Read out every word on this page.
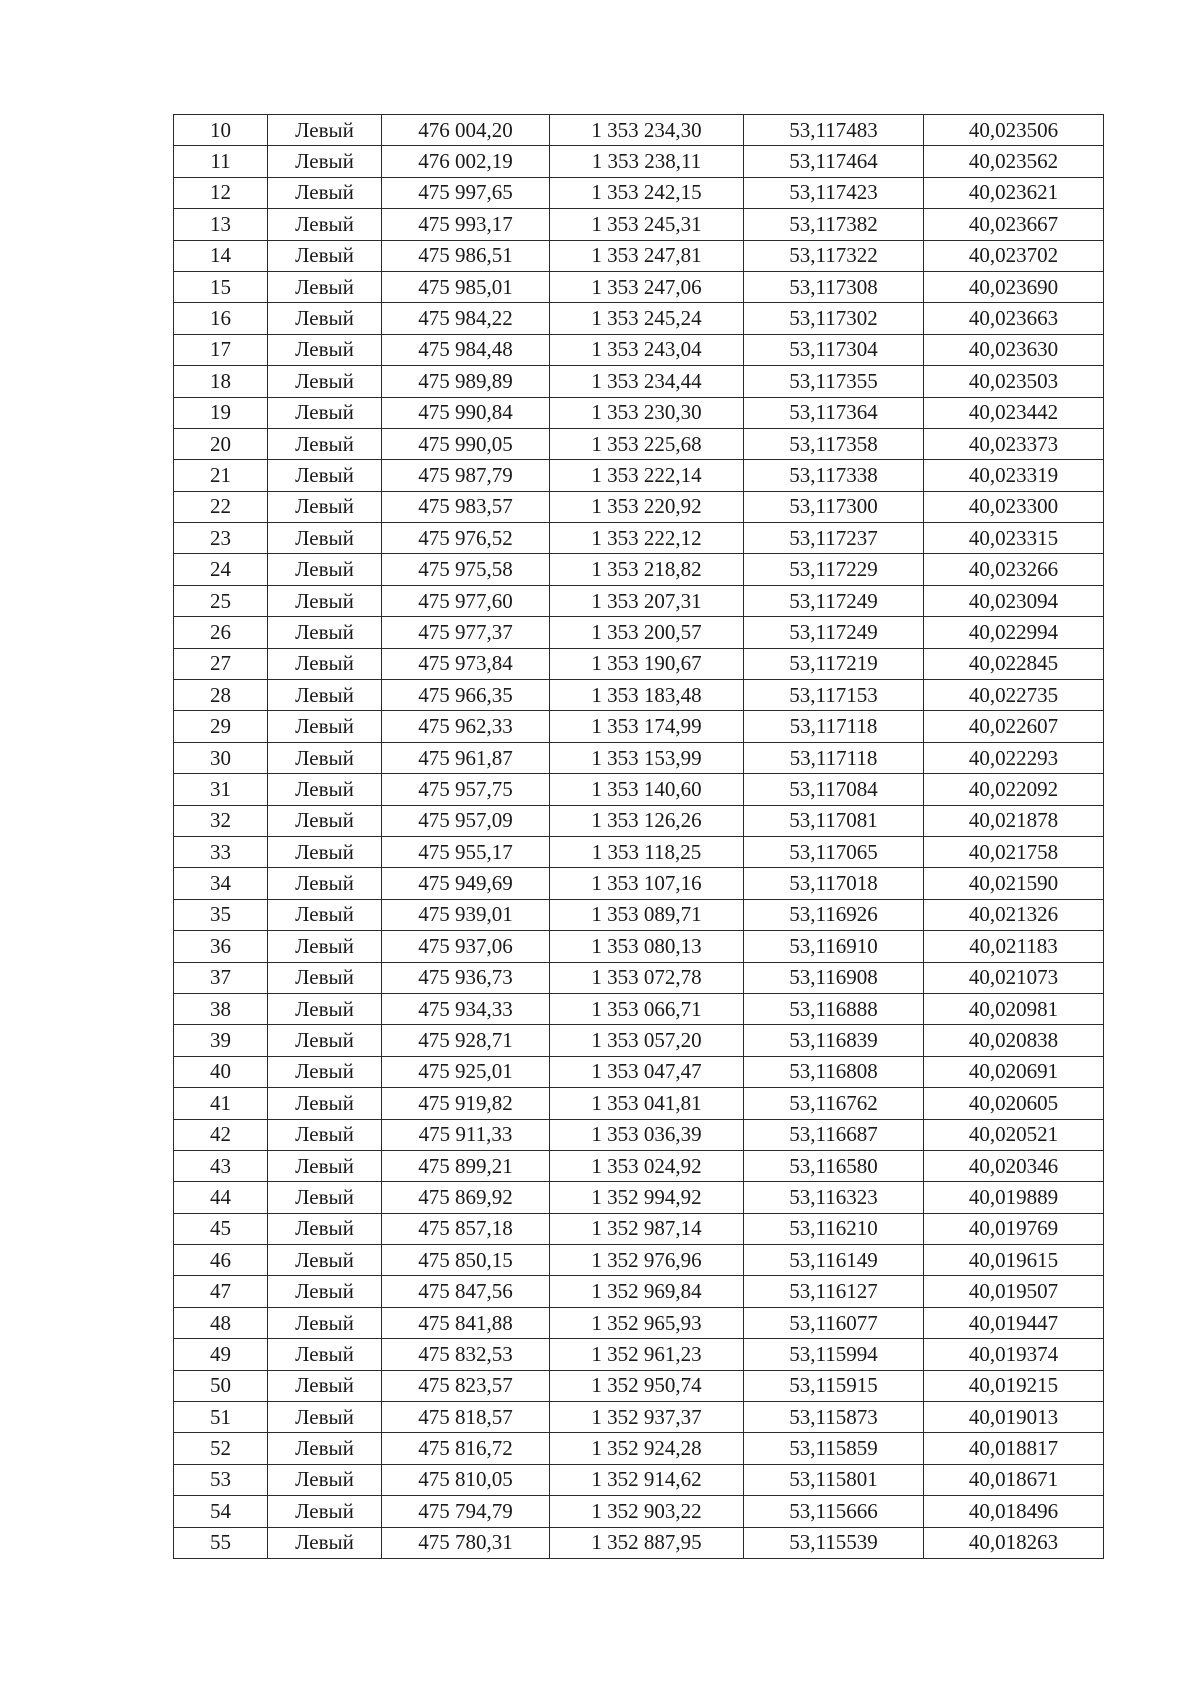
10	Левый	476 004,20	1 353 234,30	53,117483	40,023506
11	Левый	476 002,19	1 353 238,11	53,117464	40,023562
12	Левый	475 997,65	1 353 242,15	53,117423	40,023621
13	Левый	475 993,17	1 353 245,31	53,117382	40,023667
14	Левый	475 986,51	1 353 247,81	53,117322	40,023702
15	Левый	475 985,01	1 353 247,06	53,117308	40,023690
16	Левый	475 984,22	1 353 245,24	53,117302	40,023663
17	Левый	475 984,48	1 353 243,04	53,117304	40,023630
18	Левый	475 989,89	1 353 234,44	53,117355	40,023503
19	Левый	475 990,84	1 353 230,30	53,117364	40,023442
20	Левый	475 990,05	1 353 225,68	53,117358	40,023373
21	Левый	475 987,79	1 353 222,14	53,117338	40,023319
22	Левый	475 983,57	1 353 220,92	53,117300	40,023300
23	Левый	475 976,52	1 353 222,12	53,117237	40,023315
24	Левый	475 975,58	1 353 218,82	53,117229	40,023266
25	Левый	475 977,60	1 353 207,31	53,117249	40,023094
26	Левый	475 977,37	1 353 200,57	53,117249	40,022994
27	Левый	475 973,84	1 353 190,67	53,117219	40,022845
28	Левый	475 966,35	1 353 183,48	53,117153	40,022735
29	Левый	475 962,33	1 353 174,99	53,117118	40,022607
30	Левый	475 961,87	1 353 153,99	53,117118	40,022293
31	Левый	475 957,75	1 353 140,60	53,117084	40,022092
32	Левый	475 957,09	1 353 126,26	53,117081	40,021878
33	Левый	475 955,17	1 353 118,25	53,117065	40,021758
34	Левый	475 949,69	1 353 107,16	53,117018	40,021590
35	Левый	475 939,01	1 353 089,71	53,116926	40,021326
36	Левый	475 937,06	1 353 080,13	53,116910	40,021183
37	Левый	475 936,73	1 353 072,78	53,116908	40,021073
38	Левый	475 934,33	1 353 066,71	53,116888	40,020981
39	Левый	475 928,71	1 353 057,20	53,116839	40,020838
40	Левый	475 925,01	1 353 047,47	53,116808	40,020691
41	Левый	475 919,82	1 353 041,81	53,116762	40,020605
42	Левый	475 911,33	1 353 036,39	53,116687	40,020521
43	Левый	475 899,21	1 353 024,92	53,116580	40,020346
44	Левый	475 869,92	1 352 994,92	53,116323	40,019889
45	Левый	475 857,18	1 352 987,14	53,116210	40,019769
46	Левый	475 850,15	1 352 976,96	53,116149	40,019615
47	Левый	475 847,56	1 352 969,84	53,116127	40,019507
48	Левый	475 841,88	1 352 965,93	53,116077	40,019447
49	Левый	475 832,53	1 352 961,23	53,115994	40,019374
50	Левый	475 823,57	1 352 950,74	53,115915	40,019215
51	Левый	475 818,57	1 352 937,37	53,115873	40,019013
52	Левый	475 816,72	1 352 924,28	53,115859	40,018817
53	Левый	475 810,05	1 352 914,62	53,115801	40,018671
54	Левый	475 794,79	1 352 903,22	53,115666	40,018496
55	Левый	475 780,31	1 352 887,95	53,115539	40,018263
